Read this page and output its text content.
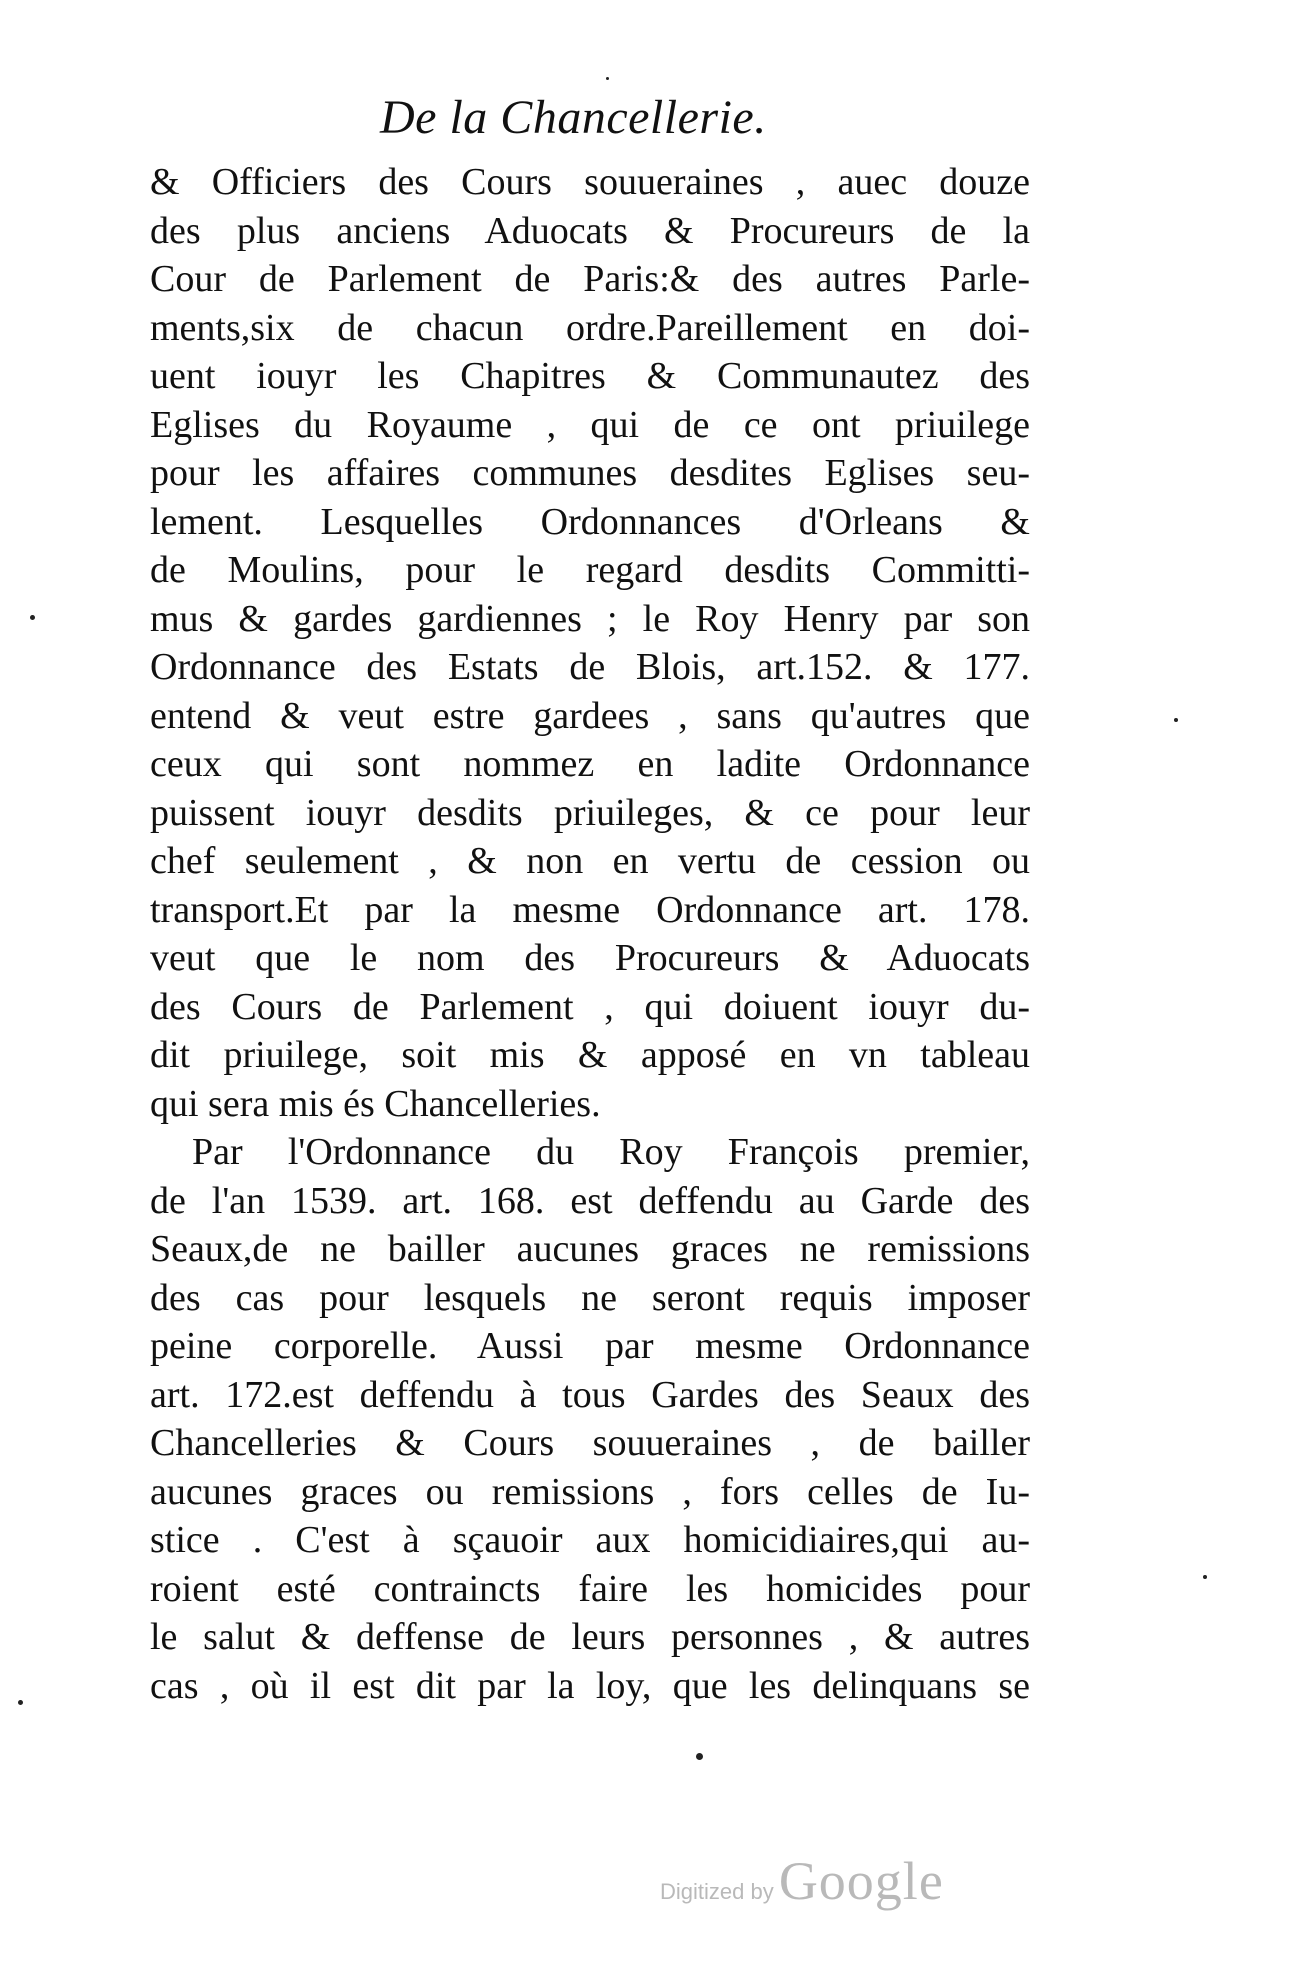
De la Chancellerie.
& Officiers des Cours souueraines , auec douze
des plus anciens Aduocats & Procureurs de la
Cour de Parlement de Paris:& des autres Parle-
ments,six de chacun ordre.Pareillement en doi-
uent iouyr les Chapitres & Communautez des
Eglises du Royaume , qui de ce ont priuilege
pour les affaires communes desdites Eglises seu-
lement. Lesquelles Ordonnances d'Orleans &
de Moulins, pour le regard desdits Committi-
mus & gardes gardiennes ; le Roy Henry par son
Ordonnance des Estats de Blois, art.152. & 177.
entend & veut estre gardees , sans qu'autres que
ceux qui sont nommez en ladite Ordonnance
puissent iouyr desdits priuileges, & ce pour leur
chef seulement , & non en vertu de cession ou
transport.Et par la mesme Ordonnance art. 178.
veut que le nom des Procureurs & Aduocats
des Cours de Parlement , qui doiuent iouyr du-
dit priuilege, soit mis & apposé en vn tableau
qui sera mis és Chancelleries.
Par l'Ordonnance du Roy François premier,
de l'an 1539. art. 168. est deffendu au Garde des
Seaux,de ne bailler aucunes graces ne remissions
des cas pour lesquels ne seront requis imposer
peine corporelle. Aussi par mesme Ordonnance
art. 172.est deffendu à tous Gardes des Seaux des
Chancelleries & Cours souueraines , de bailler
aucunes graces ou remissions , fors celles de Iu-
stice . C'est à sçauoir aux homicidiaires,qui au-
roient esté contraincts faire les homicides pour
le salut & deffense de leurs personnes , & autres
cas , où il est dit par la loy, que les delinquans se
Digitized by Google
